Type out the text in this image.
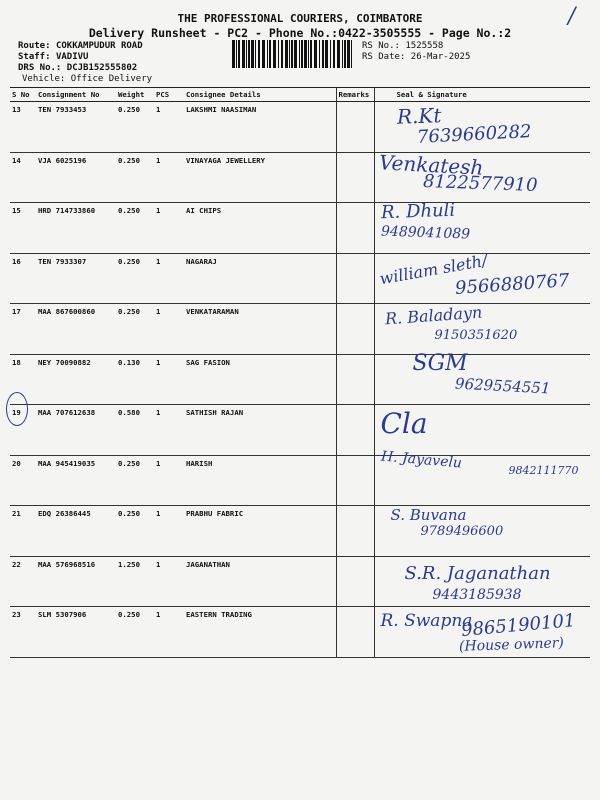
THE PROFESSIONAL COURIERS, COIMBATORE
Delivery Runsheet - PC2 - Phone No.:0422-3505555 - Page No.:2
/
Route: COKKAMPUDUR ROAD
Staff: VADIVU
DRS No.: DCJB152555802
Vehicle: Office Delivery
RS No.: 1525558
RS Date: 26-Mar-2025
S No	Consignment No	Weight	PCS	Consignee Details	Remarks	Seal & Signature
13	TEN 7933453	0.250	1	LAKSHMI NAASIMAN		R.Kt
7639660282

14	VJA 6025196	0.250	1	VINAYAGA JEWELLERY		Venkatesh
8122577910

15	HRD 714733860	0.250	1	AI CHIPS		R. Dhuli
9489041089

16	TEN 7933307	0.250	1	NAGARAJ		william sleth/
9566880767

17	MAA 867600860	0.250	1	VENKATARAMAN		R. Baladayn
9150351620

18	NEY 70090882	0.130	1	SAG FASION		SGM
9629554551

19	MAA 707612638	0.580	1	SATHISH RAJAN		Cla

20	MAA 945419035	0.250	1	HARISH		H. Jayavelu 9842111770

21	EDQ 26386445	0.250	1	PRABHU FABRIC		S. Buvana
9789496600

22	MAA 576968516	1.250	1	JAGANATHAN		S.R. Jaganathan
9443185938

23	SLM 5307906	0.250	1	EASTERN TRADING		R. Swapna
9865190101
(House owner)
